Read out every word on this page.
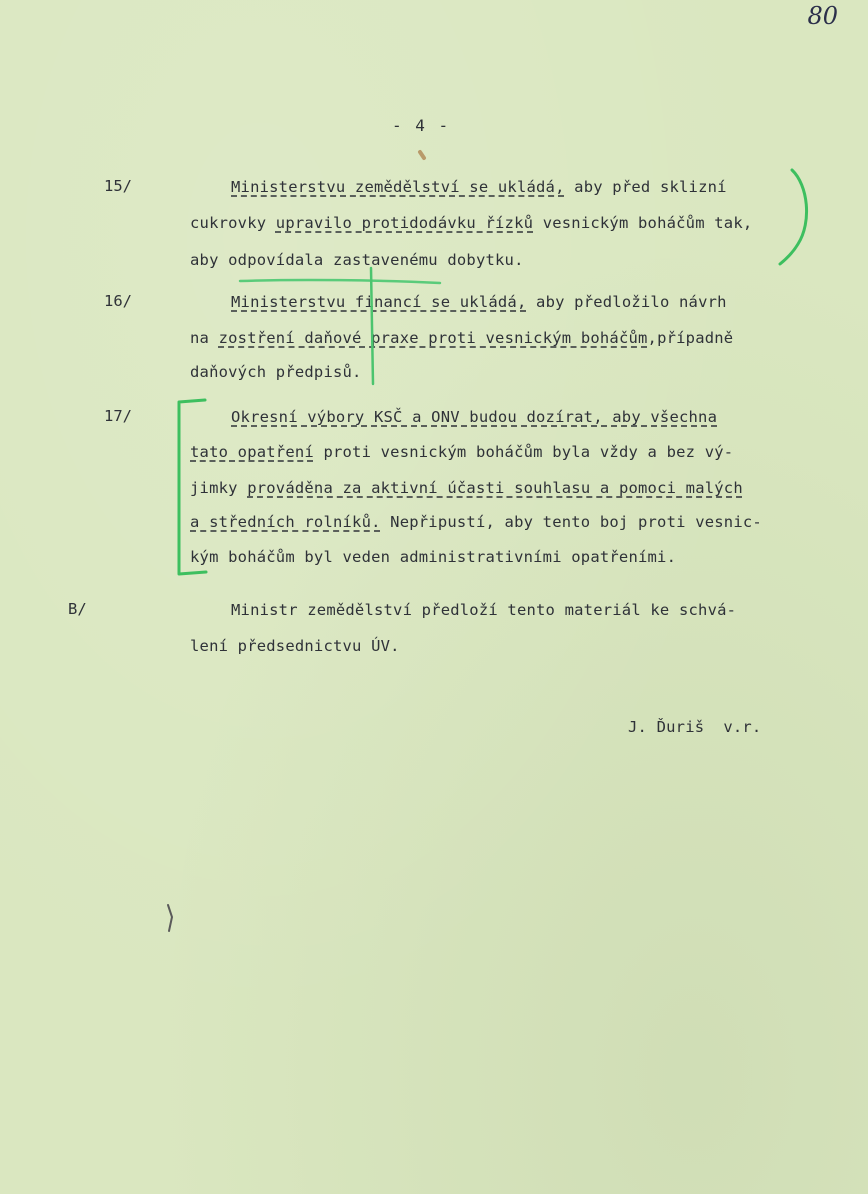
80
- 4 -
15/	Ministerstvu zemědělství se ukládá, aby před sklizní
cukrovky upravilo protidodávku řízků vesnickým boháčům tak,
aby odpovídala zastavenému dobytku.
16/	Ministerstvu financí se ukládá, aby předložilo návrh
na zostření daňové praxe proti vesnickým boháčům,případně
daňových předpisů.
17/	Okresní výbory KSČ a ONV budou dozírat, aby všechna
tato opatření proti vesnickým boháčům byla vždy a bez vý-
jimky prováděna za aktivní účasti souhlasu a pomoci malých
a středních rolníků. Nepřipustí, aby tento boj proti vesnic-
kým boháčům byl veden administrativními opatřeními.
B/	Ministr zemědělství předloží tento materiál ke schvá-
lení předsednictvu ÚV.
J. Ďuriš  v.r.
